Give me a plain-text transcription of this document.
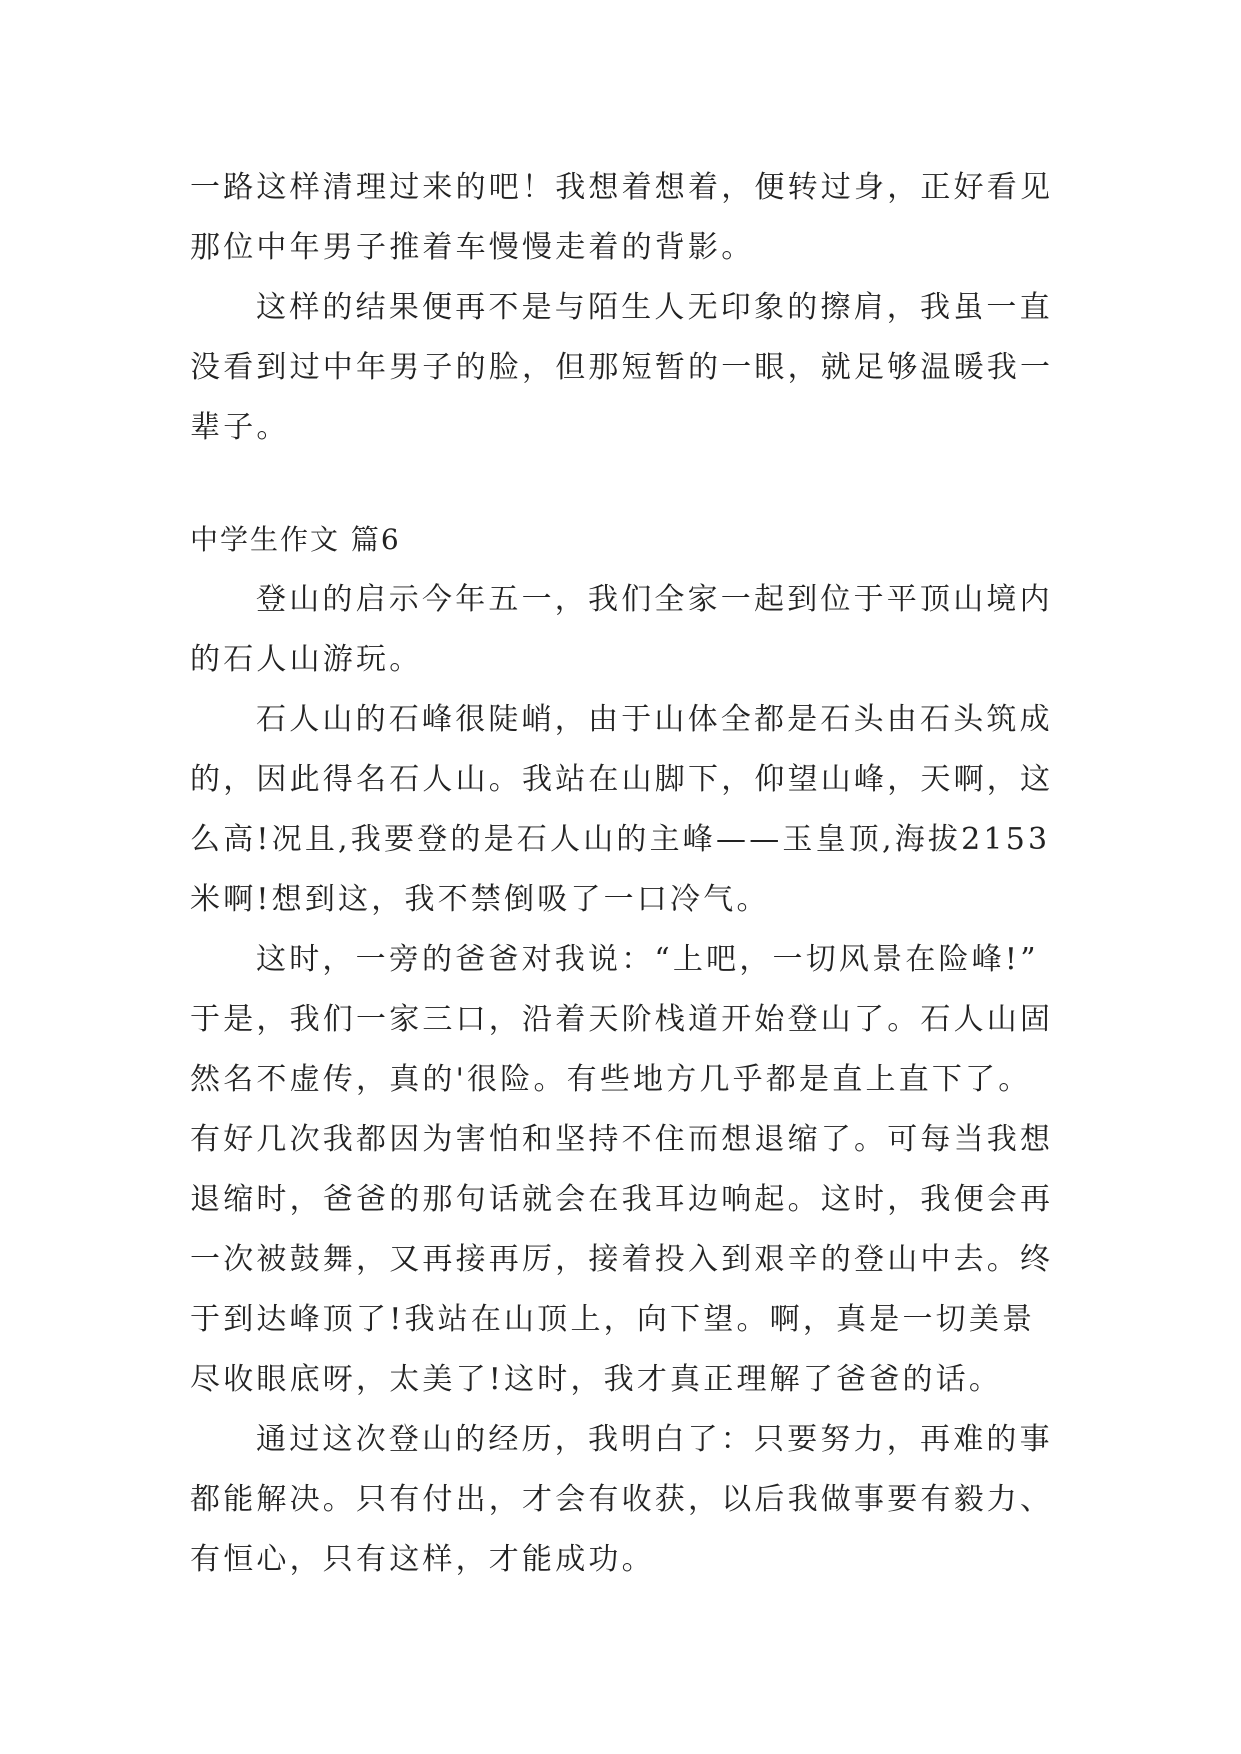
一路这样清理过来的吧！我想着想着，便转过身，正好看见
那位中年男子推着车慢慢走着的背影。
这样的结果便再不是与陌生人无印象的擦肩，我虽一直
没看到过中年男子的脸，但那短暂的一眼，就足够温暖我一
辈子。
中学生作文 篇6
登山的启示今年五一，我们全家一起到位于平顶山境内
的石人山游玩。
石人山的石峰很陡峭，由于山体全都是石头由石头筑成
的，因此得名石人山。我站在山脚下，仰望山峰，天啊，这
么高!况且,我要登的是石人山的主峰——玉皇顶,海拔2153
米啊!想到这，我不禁倒吸了一口冷气。
这时，一旁的爸爸对我说：“上吧，一切风景在险峰!”
于是，我们一家三口，沿着天阶栈道开始登山了。石人山固
然名不虚传，真的'很险。有些地方几乎都是直上直下了。
有好几次我都因为害怕和坚持不住而想退缩了。可每当我想
退缩时，爸爸的那句话就会在我耳边响起。这时，我便会再
一次被鼓舞，又再接再厉，接着投入到艰辛的登山中去。终
于到达峰顶了!我站在山顶上，向下望。啊，真是一切美景
尽收眼底呀，太美了!这时，我才真正理解了爸爸的话。
通过这次登山的经历，我明白了：只要努力，再难的事
都能解决。只有付出，才会有收获，以后我做事要有毅力、
有恒心，只有这样，才能成功。
